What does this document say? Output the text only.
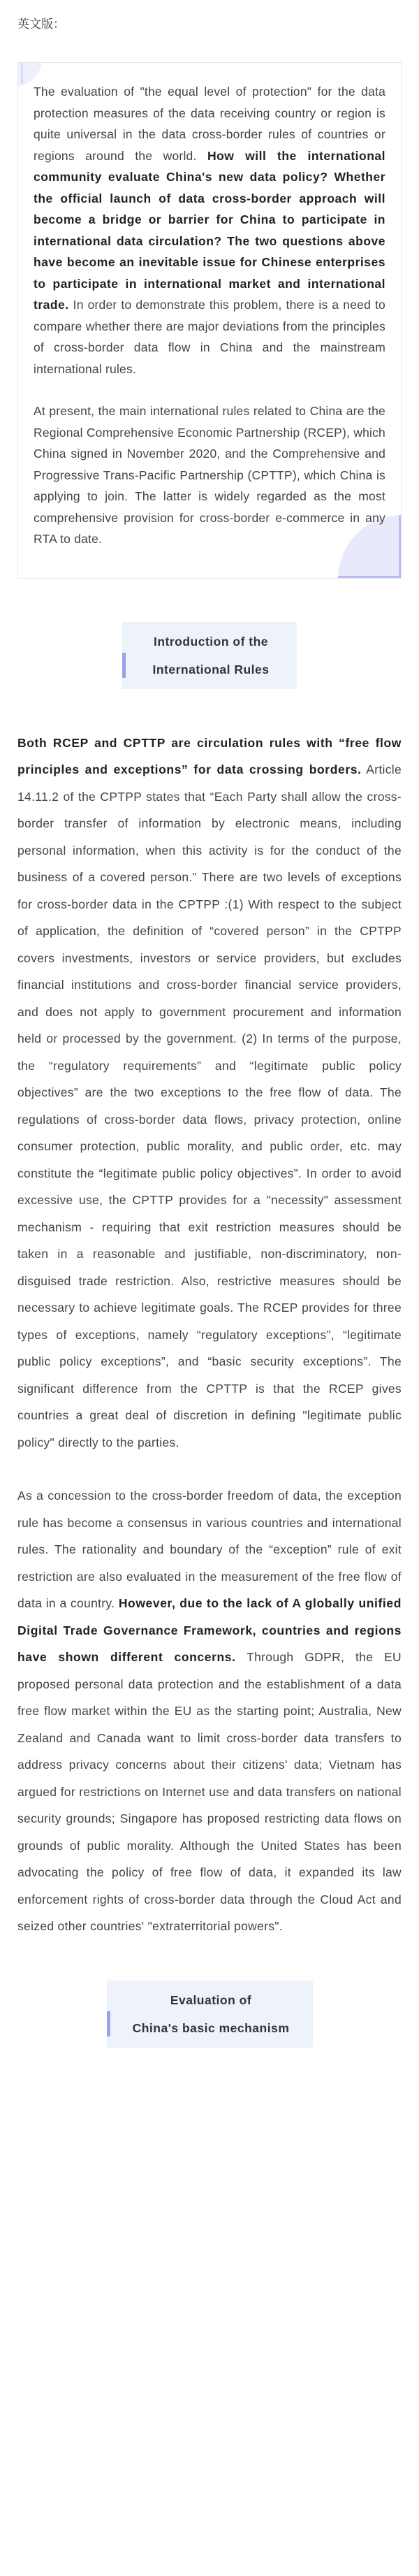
英文版：

The evaluation of "the equal level of protection" for the data protection measures of the data receiving country or region is quite universal in the data cross-border rules of countries or regions around the world. How will the international community evaluate China's new data policy? Whether the official launch of data cross-border approach will become a bridge or barrier for China to participate in international data circulation? The two questions above have become an inevitable issue for Chinese enterprises to participate in international market and international trade. In order to demonstrate this problem, there is a need to compare whether there are major deviations from the principles of cross-border data flow in China and the mainstream international rules.

At present, the main international rules related to China are the Regional Comprehensive Economic Partnership (RCEP), which China signed in November 2020, and the Comprehensive and Progressive Trans-Pacific Partnership (CPTTP), which China is applying to join. The latter is widely regarded as the most comprehensive provision for cross-border e-commerce in any RTA to date.

Introduction of the
International Rules

Both RCEP and CPTTP are circulation rules with “free flow principles and exceptions” for data crossing borders. Article 14.11.2 of the CPTPP states that “Each Party shall allow the cross-border transfer of information by electronic means, including personal information, when this activity is for the conduct of the business of a covered person.” There are two levels of exceptions for cross-border data in the CPTPP :(1) With respect to the subject of application, the definition of “covered person” in the CPTPP covers investments, investors or service providers, but excludes financial institutions and cross-border financial service providers, and does not apply to government procurement and information held or processed by the government. (2) In terms of the purpose, the “regulatory requirements” and “legitimate public policy objectives” are the two exceptions to the free flow of data. The regulations of cross-border data flows, privacy protection, online consumer protection, public morality, and public order, etc. may constitute the “legitimate public policy objectives”. In order to avoid excessive use, the CPTTP provides for a "necessity" assessment mechanism - requiring that exit restriction measures should be taken in a reasonable and justifiable, non-discriminatory, non-disguised trade restriction. Also, restrictive measures should be necessary to achieve legitimate goals. The RCEP provides for three types of exceptions, namely “regulatory exceptions”, “legitimate public policy exceptions”, and “basic security exceptions”. The significant difference from the CPTTP is that the RCEP gives countries a great deal of discretion in defining "legitimate public policy" directly to the parties.

As a concession to the cross-border freedom of data, the exception rule has become a consensus in various countries and international rules. The rationality and boundary of the “exception” rule of exit restriction are also evaluated in the measurement of the free flow of data in a country. However, due to the lack of A globally unified Digital Trade Governance Framework, countries and regions have shown different concerns. Through GDPR, the EU proposed personal data protection and the establishment of a data free flow market within the EU as the starting point; Australia, New Zealand and Canada want to limit cross-border data transfers to address privacy concerns about their citizens' data; Vietnam has argued for restrictions on Internet use and data transfers on national security grounds; Singapore has proposed restricting data flows on grounds of public morality. Although the United States has been advocating the policy of free flow of data, it expanded its law enforcement rights of cross-border data through the Cloud Act and seized other countries' "extraterritorial powers".

Evaluation of
China's basic mechanism
